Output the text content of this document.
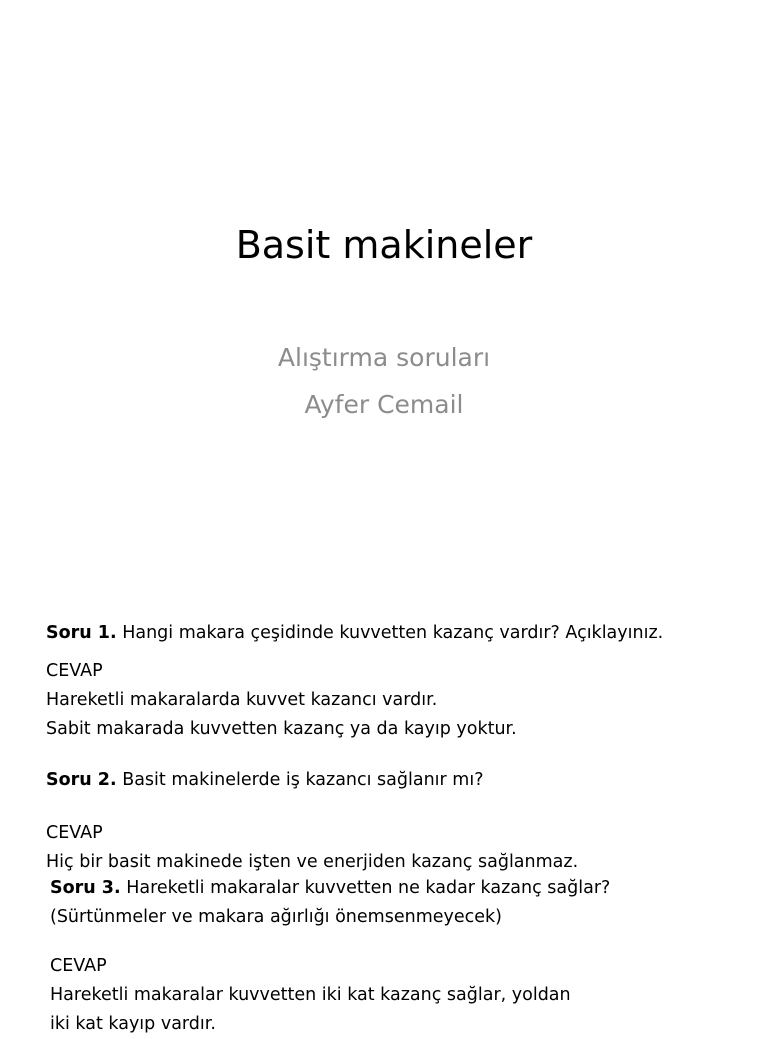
Basit makineler
Alıştırma soruları
Ayfer Cemail
Soru 1. Hangi makara çeşidinde kuvvetten kazanç vardır? Açıklayınız.
CEVAP
Hareketli makaralarda kuvvet kazancı vardır.
Sabit makarada kuvvetten kazanç ya da kayıp yoktur.
Soru 2. Basit makinelerde iş kazancı sağlanır mı?
CEVAP
Hiç bir basit makinede işten ve enerjiden kazanç sağlanmaz.
Soru 3. Hareketli makaralar kuvvetten ne kadar kazanç sağlar?
(Sürtünmeler ve makara ağırlığı önemsenmeyecek)
CEVAP
Hareketli makaralar kuvvetten iki kat kazanç sağlar, yoldan
iki kat kayıp vardır.
